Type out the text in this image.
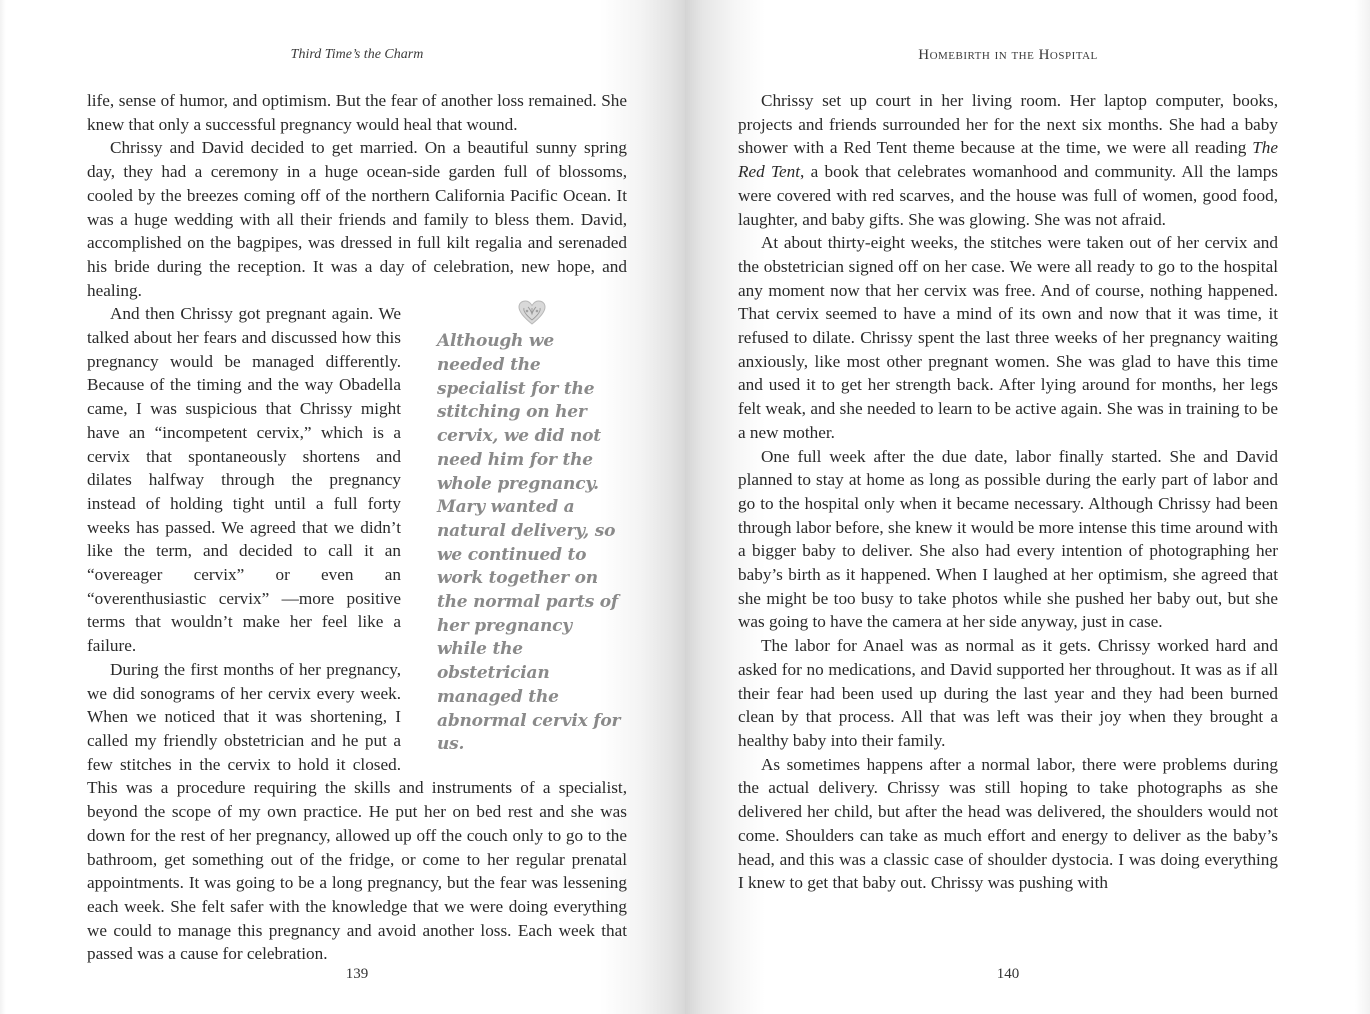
Third Time’s the Charm

life, sense of humor, and optimism. But the fear of another loss remained. She knew that only a successful pregnancy would heal that wound.

Chrissy and David decided to get married. On a beautiful sunny spring day, they had a ceremony in a huge ocean-side garden full of blossoms, cooled by the breezes coming off of the northern California Pacific Ocean. It was a huge wedding with all their friends and family to bless them. David, accomplished on the bagpipes, was dressed in full kilt regalia and serenaded his bride during the reception. It was a day of celebration, new hope, and healing.

Although we needed the specialist for the stitching on her cervix, we did not need him for the whole pregnancy. Mary wanted a natural delivery, so we continued to work together on the normal parts of her pregnancy while the obstetrician managed the abnormal cervix for us.

And then Chrissy got pregnant again. We talked about her fears and discussed how this pregnancy would be managed differently. Because of the timing and the way Obadella came, I was suspicious that Chrissy might have an “incompetent cervix,” which is a cervix that spontaneously shortens and dilates halfway through the pregnancy instead of holding tight until a full forty weeks has passed. We agreed that we didn’t like the term, and decided to call it an “overeager cervix” or even an “overenthusiastic cervix” —more positive terms that wouldn’t make her feel like a failure.

During the first months of her pregnancy, we did sonograms of her cervix every week. When we noticed that it was shortening, I called my friendly obstetrician and he put a few stitches in the cervix to hold it closed. This was a procedure requiring the skills and instruments of a specialist, beyond the scope of my own practice. He put her on bed rest and she was down for the rest of her pregnancy, allowed up off the couch only to go to the bathroom, get something out of the fridge, or come to her regular prenatal appointments. It was going to be a long pregnancy, but the fear was lessening each week. She felt safer with the knowledge that we were doing everything we could to manage this pregnancy and avoid another loss. Each week that passed was a cause for celebration.

139
Homebirth in the Hospital

Chrissy set up court in her living room. Her laptop computer, books, projects and friends surrounded her for the next six months. She had a baby shower with a Red Tent theme because at the time, we were all reading The Red Tent, a book that celebrates womanhood and community. All the lamps were covered with red scarves, and the house was full of women, good food, laughter, and baby gifts. She was glowing. She was not afraid.

At about thirty-eight weeks, the stitches were taken out of her cervix and the obstetrician signed off on her case. We were all ready to go to the hospital any moment now that her cervix was free. And of course, nothing happened. That cervix seemed to have a mind of its own and now that it was time, it refused to dilate. Chrissy spent the last three weeks of her pregnancy waiting anxiously, like most other pregnant women. She was glad to have this time and used it to get her strength back. After lying around for months, her legs felt weak, and she needed to learn to be active again. She was in training to be a new mother.

One full week after the due date, labor finally started. She and David planned to stay at home as long as possible during the early part of labor and go to the hospital only when it became necessary. Although Chrissy had been through labor before, she knew it would be more intense this time around with a bigger baby to deliver. She also had every intention of photographing her baby’s birth as it happened. When I laughed at her optimism, she agreed that she might be too busy to take photos while she pushed her baby out, but she was going to have the camera at her side anyway, just in case.

The labor for Anael was as normal as it gets. Chrissy worked hard and asked for no medications, and David supported her throughout. It was as if all their fear had been used up during the last year and they had been burned clean by that process. All that was left was their joy when they brought a healthy baby into their family.

As sometimes happens after a normal labor, there were problems during the actual delivery. Chrissy was still hoping to take photographs as she delivered her child, but after the head was delivered, the shoulders would not come. Shoulders can take as much effort and energy to deliver as the baby’s head, and this was a classic case of shoulder dystocia. I was doing everything I knew to get that baby out. Chrissy was pushing with

140
